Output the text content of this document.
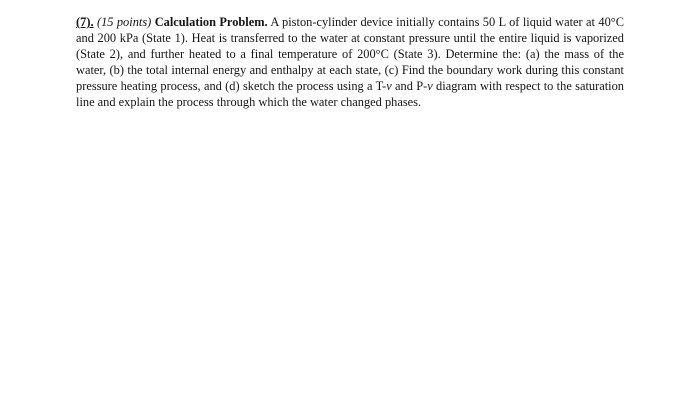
(7). (15 points) Calculation Problem. A piston-cylinder device initially contains 50 L of liquid water at 40°C and 200 kPa (State 1). Heat is transferred to the water at constant pressure until the entire liquid is vaporized (State 2), and further heated to a final temperature of 200°C (State 3). Determine the: (a) the mass of the water, (b) the total internal energy and enthalpy at each state, (c) Find the boundary work during this constant pressure heating process, and (d) sketch the process using a T-v and P-v diagram with respect to the saturation line and explain the process through which the water changed phases.
